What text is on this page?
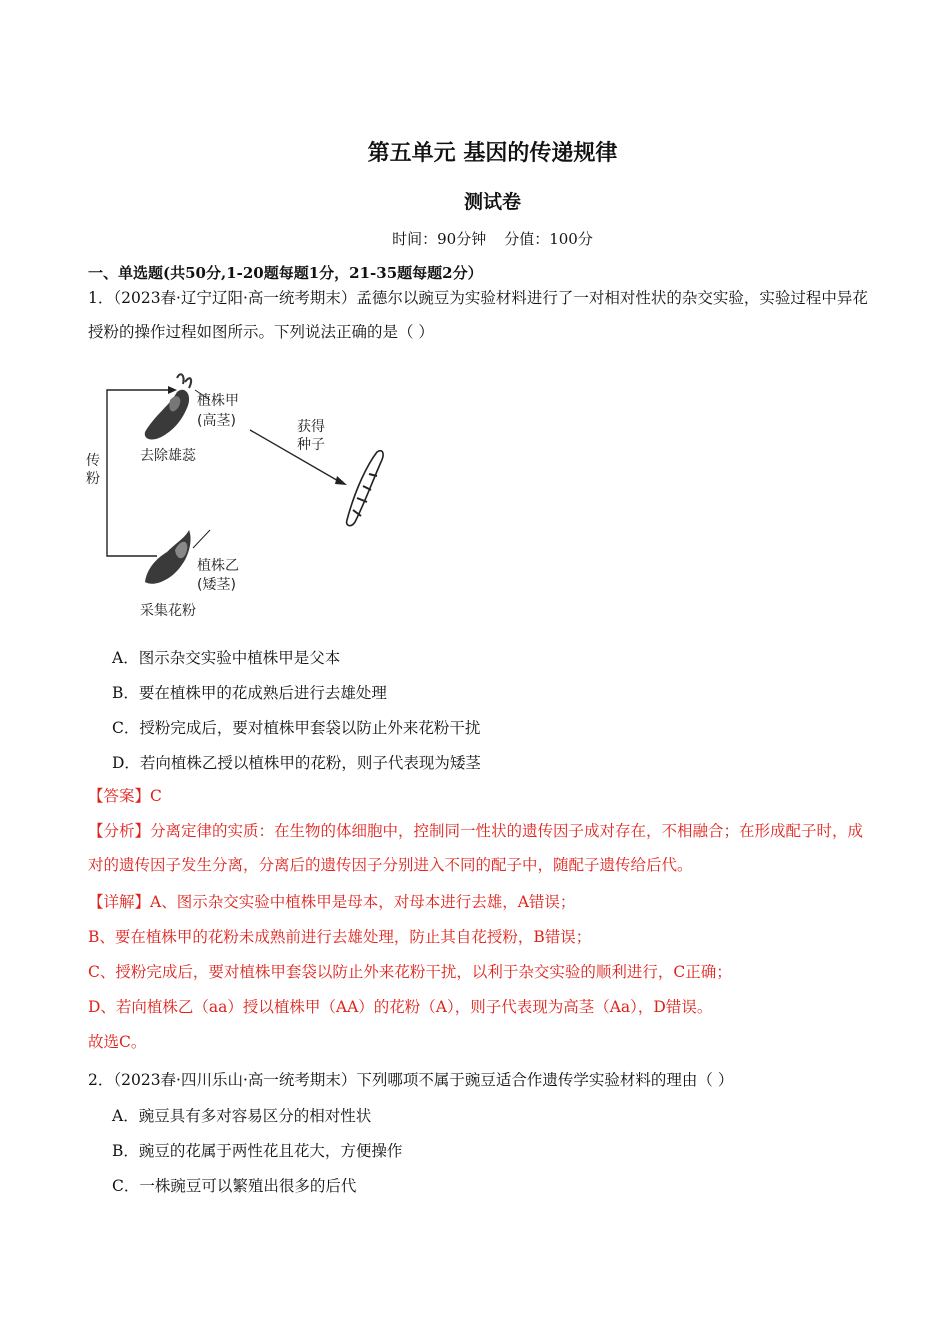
第五单元 基因的传递规律
测试卷
时间：90分钟 分值：100分
一、单选题(共50分,1-20题每题1分，21-35题每题2分）
1．（2023春·辽宁辽阳·高一统考期末）孟德尔以豌豆为实验材料进行了一对相对性状的杂交实验，实验过程中异花授粉的操作过程如图所示。下列说法正确的是（ ）
植株甲
(高茎)
去除雄蕊
获得
种子
传
粉
植株乙
(矮茎)
采集花粉
A．图示杂交实验中植株甲是父本
B．要在植株甲的花成熟后进行去雄处理
C．授粉完成后，要对植株甲套袋以防止外来花粉干扰
D．若向植株乙授以植株甲的花粉，则子代表现为矮茎
【答案】C
【分析】分离定律的实质：在生物的体细胞中，控制同一性状的遗传因子成对存在，不相融合；在形成配子时，成对的遗传因子发生分离，分离后的遗传因子分别进入不同的配子中，随配子遗传给后代。
【详解】A、图示杂交实验中植株甲是母本，对母本进行去雄，A错误；
B、要在植株甲的花粉未成熟前进行去雄处理，防止其自花授粉，B错误；
C、授粉完成后，要对植株甲套袋以防止外来花粉干扰，以利于杂交实验的顺利进行，C正确；
D、若向植株乙（aa）授以植株甲（AA）的花粉（A），则子代表现为高茎（Aa），D错误。
故选C。
2．（2023春·四川乐山·高一统考期末）下列哪项不属于豌豆适合作遗传学实验材料的理由（ ）
A．豌豆具有多对容易区分的相对性状
B．豌豆的花属于两性花且花大，方便操作
C．一株豌豆可以繁殖出很多的后代
